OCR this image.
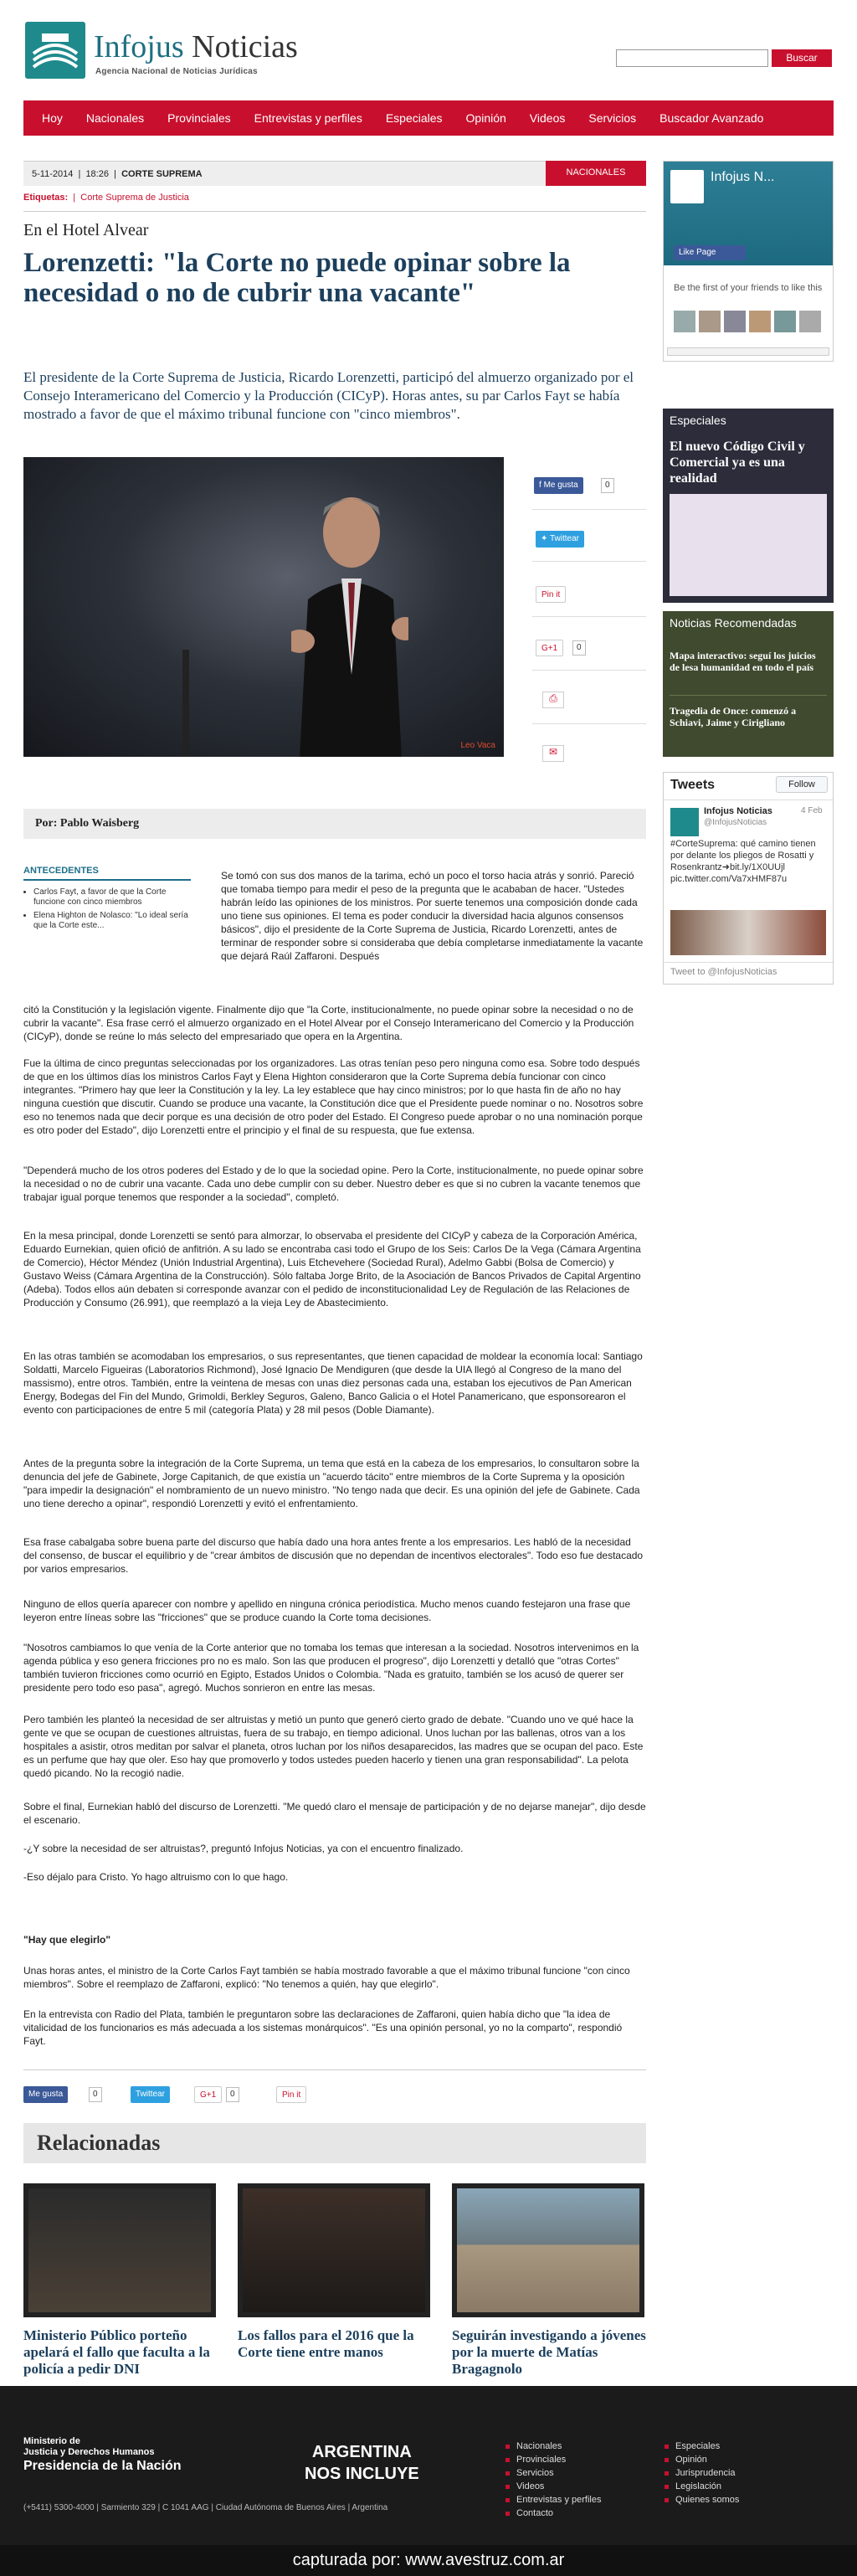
Infojus Noticias
Agencia Nacional de Noticias Jurídicas
Buscar
Hoy	Nacionales	Provinciales	Entrevistas y perfiles	Especiales	Opinión	Videos	Servicios	Buscador Avanzado
5-11-2014  |  18:26  |  CORTE SUPREMA	NACIONALES
Etiquetas:  |  Corte Suprema de Justicia
En el Hotel Alvear
Lorenzetti: "la Corte no puede opinar sobre la necesidad o no de cubrir una vacante"

El presidente de la Corte Suprema de Justicia, Ricardo Lorenzetti, participó del almuerzo organizado por el Consejo Interamericano del Comercio y la Producción (CICyP). Horas antes, su par Carlos Fayt se había mostrado a favor de que el máximo tribunal funcione con "cinco miembros".

Leo Vaca
f Me gusta	0
✦ Twittear
Pin it
G+1	0
⎙
✉
Por: Pablo Waisberg
ANTECEDENTES
• Carlos Fayt, a favor de que la Corte funcione con cinco miembros
• Elena Highton de Nolasco: "Lo ideal sería que la Corte este...

Se tomó con sus dos manos de la tarima, echó un poco el torso hacia atrás y sonrió. Pareció que tomaba tiempo para medir el peso de la pregunta que le acababan de hacer. "Ustedes habrán leído las opiniones de los ministros. Por suerte tenemos una composición donde cada uno tiene sus opiniones. El tema es poder conducir la diversidad hacia algunos consensos básicos", dijo el presidente de la Corte Suprema de Justicia, Ricardo Lorenzetti, antes de terminar de responder sobre si consideraba que debía completarse inmediatamente la vacante que dejará Raúl Zaffaroni. Después

citó la Constitución y la legislación vigente. Finalmente dijo que "la Corte, institucionalmente, no puede opinar sobre la necesidad o no de cubrir la vacante". Esa frase cerró el almuerzo organizado en el Hotel Alvear por el Consejo Interamericano del Comercio y la Producción (CICyP), donde se reúne lo más selecto del empresariado que opera en la Argentina.

Fue la última de cinco preguntas seleccionadas por los organizadores. Las otras tenían peso pero ninguna como esa. Sobre todo después de que en los últimos días los ministros Carlos Fayt y Elena Highton consideraron que la Corte Suprema debía funcionar con cinco integrantes. "Primero hay que leer la Constitución y la ley. La ley establece que hay cinco ministros; por lo que hasta fin de año no hay ninguna cuestión que discutir. Cuando se produce una vacante, la Constitución dice que el Presidente puede nominar o no. Nosotros sobre eso no tenemos nada que decir porque es una decisión de otro poder del Estado. El Congreso puede aprobar o no una nominación porque es otro poder del Estado", dijo Lorenzetti entre el principio y el final de su respuesta, que fue extensa.

"Dependerá mucho de los otros poderes del Estado y de lo que la sociedad opine. Pero la Corte, institucionalmente, no puede opinar sobre la necesidad o no de cubrir una vacante. Cada uno debe cumplir con su deber. Nuestro deber es que si no cubren la vacante tenemos que trabajar igual porque tenemos que responder a la sociedad", completó.

En la mesa principal, donde Lorenzetti se sentó para almorzar, lo observaba el presidente del CICyP y cabeza de la Corporación América, Eduardo Eurnekian, quien ofició de anfitrión. A su lado se encontraba casi todo el Grupo de los Seis: Carlos De la Vega (Cámara Argentina de Comercio), Héctor Méndez (Unión Industrial Argentina), Luis Etchevehere (Sociedad Rural), Adelmo Gabbi (Bolsa de Comercio) y Gustavo Weiss (Cámara Argentina de la Construcción). Sólo faltaba Jorge Brito, de la Asociación de Bancos Privados de Capital Argentino (Adeba). Todos ellos aún debaten si corresponde avanzar con el pedido de inconstitucionalidad Ley de Regulación de las Relaciones de Producción y Consumo (26.991), que reemplazó a la vieja Ley de Abastecimiento.

En las otras también se acomodaban los empresarios, o sus representantes, que tienen capacidad de moldear la economía local: Santiago Soldatti, Marcelo Figueiras (Laboratorios Richmond), José Ignacio De Mendiguren (que desde la UIA llegó al Congreso de la mano del massismo), entre otros. También, entre la veintena de mesas con unas diez personas cada una, estaban los ejecutivos de Pan American Energy, Bodegas del Fin del Mundo, Grimoldi, Berkley Seguros, Galeno, Banco Galicia o el Hotel Panamericano, que esponsorearon el evento con participaciones de entre 5 mil (categoría Plata) y 28 mil pesos (Doble Diamante).

Antes de la pregunta sobre la integración de la Corte Suprema, un tema que está en la cabeza de los empresarios, lo consultaron sobre la denuncia del jefe de Gabinete, Jorge Capitanich, de que existía un "acuerdo tácito" entre miembros de la Corte Suprema y la oposición "para impedir la designación" el nombramiento de un nuevo ministro. "No tengo nada que decir. Es una opinión del jefe de Gabinete. Cada uno tiene derecho a opinar", respondió Lorenzetti y evitó el enfrentamiento.

Esa frase cabalgaba sobre buena parte del discurso que había dado una hora antes frente a los empresarios. Les habló de la necesidad del consenso, de buscar el equilibrio y de "crear ámbitos de discusión que no dependan de incentivos electorales". Todo eso fue destacado por varios empresarios.

Ninguno de ellos quería aparecer con nombre y apellido en ninguna crónica periodística. Mucho menos cuando festejaron una frase que leyeron entre líneas sobre las "fricciones" que se produce cuando la Corte toma decisiones.

"Nosotros cambiamos lo que venía de la Corte anterior que no tomaba los temas que interesan a la sociedad. Nosotros intervenimos en la agenda pública y eso genera fricciones pro no es malo. Son las que producen el progreso", dijo Lorenzetti y detalló que "otras Cortes" también tuvieron fricciones como ocurrió en Egipto, Estados Unidos o Colombia. "Nada es gratuito, también se los acusó de querer ser presidente pero todo eso pasa", agregó. Muchos sonrieron en entre las mesas.

Pero también les planteó la necesidad de ser altruistas y metió un punto que generó cierto grado de debate. "Cuando uno ve qué hace la gente ve que se ocupan de cuestiones altruistas, fuera de su trabajo, en tiempo adicional. Unos luchan por las ballenas, otros van a los hospitales a asistir, otros meditan por salvar el planeta, otros luchan por los niños desaparecidos, las madres que se ocupan del paco. Este es un perfume que hay que oler. Eso hay que promoverlo y todos ustedes pueden hacerlo y tienen una gran responsabilidad". La pelota quedó picando. No la recogió nadie.

Sobre el final, Eurnekian habló del discurso de Lorenzetti. "Me quedó claro el mensaje de participación y de no dejarse manejar", dijo desde el escenario.

-¿Y sobre la necesidad de ser altruistas?, preguntó Infojus Noticias, ya con el encuentro finalizado.

-Eso déjalo para Cristo. Yo hago altruismo con lo que hago.

"Hay que elegirlo"

Unas horas antes, el ministro de la Corte Carlos Fayt también se había mostrado favorable a que el máximo tribunal funcione "con cinco miembros". Sobre el reemplazo de Zaffaroni, explicó: "No tenemos a quién, hay que elegirlo".

En la entrevista con Radio del Plata, también le preguntaron sobre las declaraciones de Zaffaroni, quien había dicho que "la idea de vitalicidad de los funcionarios es más adecuada a los sistemas monárquicos". "Es una opinión personal, yo no la comparto", respondió Fayt.

Me gusta	0	Twittear	G+1	0	Pin it
Relacionadas
Ministerio Público porteño apelará el fallo que faculta a la policía a pedir DNI
Los fallos para el 2016 que la Corte tiene entre manos
Seguirán investigando a jóvenes por la muerte de Matías Bragagnolo
Infojus N...
Like Page
Be the first of your friends to like this
Especiales
El nuevo Código Civil y Comercial ya es una realidad
Noticias Recomendadas
Mapa interactivo: seguí los juicios de lesa humanidad en todo el país
Tragedia de Once: comenzó a Schiavi, Jaime y Cirigliano
Tweets	Follow
Infojus Noticias
@InfojusNoticias
4 Feb
#CorteSuprema: qué camino tienen por delante los pliegos de Rosatti y Rosenkrantz➜bit.ly/1X0UUjl pic.twitter.com/Va7xHMF87u
Tweet to @InfojusNoticias
Ministerio de
Justicia y Derechos Humanos
Presidencia de la Nación
ARGENTINA
NOS INCLUYE
(+5411) 5300-4000 | Sarmiento 329 | C 1041 AAG | Ciudad Autónoma de Buenos Aires | Argentina
Nacionales
Provinciales
Servicios
Videos
Entrevistas y perfiles
Contacto
Especiales
Opinión
Jurisprudencia
Legislación
Quienes somos
capturada por: www.avestruz.com.ar
